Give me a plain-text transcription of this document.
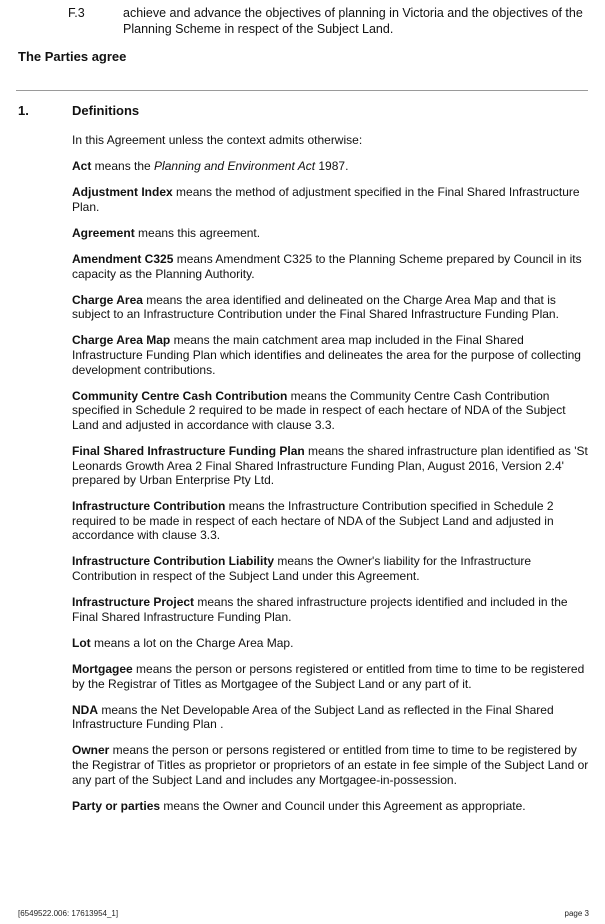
F.3	achieve and advance the objectives of planning in Victoria and the objectives of the Planning Scheme in respect of the Subject Land.
The Parties agree
1.	Definitions

In this Agreement unless the context admits otherwise:

Act means the Planning and Environment Act 1987.

Adjustment Index means the method of adjustment specified in the Final Shared Infrastructure Plan.

Agreement means this agreement.

Amendment C325 means Amendment C325 to the Planning Scheme prepared by Council in its capacity as the Planning Authority.

Charge Area means the area identified and delineated on the Charge Area Map and that is subject to an Infrastructure Contribution under the Final Shared Infrastructure Funding Plan.

Charge Area Map means the main catchment area map included in the Final Shared Infrastructure Funding Plan which identifies and delineates the area for the purpose of collecting development contributions.

Community Centre Cash Contribution means the Community Centre Cash Contribution specified in Schedule 2 required to be made in respect of each hectare of NDA of the Subject Land and adjusted in accordance with clause 3.3.

Final Shared Infrastructure Funding Plan means the shared infrastructure plan identified as 'St Leonards Growth Area 2 Final Shared Infrastructure Funding Plan, August 2016, Version 2.4' prepared by Urban Enterprise Pty Ltd.

Infrastructure Contribution means the Infrastructure Contribution specified in Schedule 2 required to be made in respect of each hectare of NDA of the Subject Land and adjusted in accordance with clause 3.3.

Infrastructure Contribution Liability means the Owner's liability for the Infrastructure Contribution in respect of the Subject Land under this Agreement.

Infrastructure Project means the shared infrastructure projects identified and included in the Final Shared Infrastructure Funding Plan.

Lot means a lot on the Charge Area Map.

Mortgagee means the person or persons registered or entitled from time to time to be registered by the Registrar of Titles as Mortgagee of the Subject Land or any part of it.

NDA means the Net Developable Area of the Subject Land as reflected in the Final Shared Infrastructure Funding Plan .

Owner means the person or persons registered or entitled from time to time to be registered by the Registrar of Titles as proprietor or proprietors of an estate in fee simple of the Subject Land or any part of the Subject Land and includes any Mortgagee-in-possession.

Party or parties means the Owner and Council under this Agreement as appropriate.

[6549522.006: 17613954_1]	page 3
